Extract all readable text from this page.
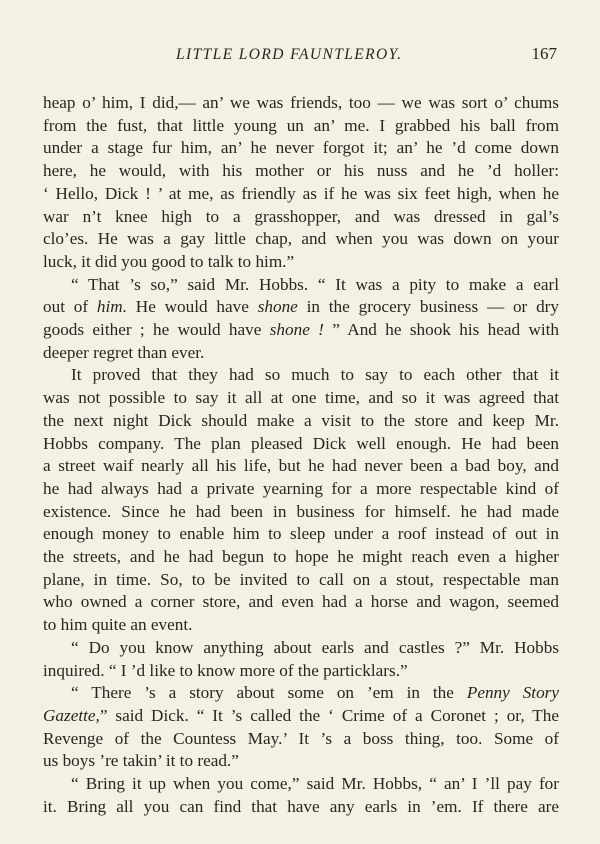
LITTLE LORD FAUNTLEROY.	167

heap o’ him, I did,— an’ we was friends, too — we was sort o’ chums
from the fust, that little young un an’ me. I grabbed his ball from
under a stage fur him, an’ he never forgot it; an’ he ’d come down
here, he would, with his mother or his nuss and he ’d holler:
‘ Hello, Dick ! ’ at me, as friendly as if he was six feet high, when he
war n’t knee high to a grasshopper, and was dressed in gal’s
clo’es. He was a gay little chap, and when you was down on your
luck, it did you good to talk to him.”

“ That ’s so,” said Mr. Hobbs. “ It was a pity to make a earl
out of him. He would have shone in the grocery business — or dry
goods either ; he would have shone ! ” And he shook his head with
deeper regret than ever.

It proved that they had so much to say to each other that it
was not possible to say it all at one time, and so it was agreed that
the next night Dick should make a visit to the store and keep Mr.
Hobbs company. The plan pleased Dick well enough. He had been
a street waif nearly all his life, but he had never been a bad boy, and
he had always had a private yearning for a more respectable kind of
existence. Since he had been in business for himself. he had made
enough money to enable him to sleep under a roof instead of out in
the streets, and he had begun to hope he might reach even a higher
plane, in time. So, to be invited to call on a stout, respectable man
who owned a corner store, and even had a horse and wagon, seemed
to him quite an event.

“ Do you know anything about earls and castles ?” Mr. Hobbs
inquired. “ I ’d like to know more of the particklars.”

“ There ’s a story about some on ’em in the Penny Story
Gazette,” said Dick. “ It ’s called the ‘ Crime of a Coronet ; or, The
Revenge of the Countess May.’ It ’s a boss thing, too. Some of
us boys ’re takin’ it to read.”

“ Bring it up when you come,” said Mr. Hobbs, “ an’ I ’ll pay for
it. Bring all you can find that have any earls in ’em. If there are
